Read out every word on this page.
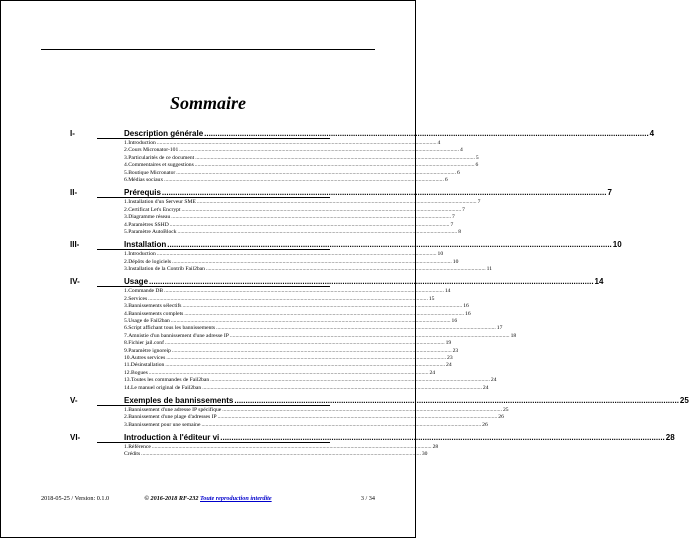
Sommaire
I-	Description générale ........................................................................................................................................................................................................ 4
1. Introduction ........................................................................................................................................................................................................ 4
2. Cours Micronator-101 ........................................................................................................................................................................................................ 4
3. Particularités de ce document ........................................................................................................................................................................................................ 5
4. Commentaires et suggestions ........................................................................................................................................................................................................ 6
5. Boutique Micronator ........................................................................................................................................................................................................ 6
6. Médias sociaux ........................................................................................................................................................................................................ 6
II-	Prérequis ........................................................................................................................................................................................................ 7
1. Installation d'un Serveur SME ........................................................................................................................................................................................................ 7
2. Certificat Let's Encrypt ........................................................................................................................................................................................................ 7
3. Diagramme réseau ........................................................................................................................................................................................................ 7
4. Paramètres SSHD ........................................................................................................................................................................................................ 7
5. Paramètre AutoBlock ........................................................................................................................................................................................................ 8
III-	Installation ........................................................................................................................................................................................................ 10
1. Introduction ........................................................................................................................................................................................................ 10
2. Dépôts de logiciels ........................................................................................................................................................................................................ 10
3. Installation de la Contrib Fail2ban ........................................................................................................................................................................................................ 11
IV-	Usage ........................................................................................................................................................................................................ 14
1. Commande DB ........................................................................................................................................................................................................ 14
2. Services ........................................................................................................................................................................................................ 15
3. Bannissements sélectifs ........................................................................................................................................................................................................ 16
4. Bannissements complets ........................................................................................................................................................................................................ 16
5. Usage de Fail2ban ........................................................................................................................................................................................................ 16
6. Script affichant tous les bannissements ........................................................................................................................................................................................................ 17
7. Amnistie d'un bannissement d'une adresse IP ........................................................................................................................................................................................................ 18
8. Fichier jail.conf ........................................................................................................................................................................................................ 19
9. Paramètre ignoreip ........................................................................................................................................................................................................ 23
10. Autres services ........................................................................................................................................................................................................ 23
11. Désinstallation ........................................................................................................................................................................................................ 24
12. Bogues ........................................................................................................................................................................................................ 24
13. Toutes les commandes de Fail2ban ........................................................................................................................................................................................................ 24
14. Le manuel original de Fail2ban ........................................................................................................................................................................................................ 24
V-	Exemples de bannissements ........................................................................................................................................................................................................ 25
1. Bannissement d'une adresse IP spécifique ........................................................................................................................................................................................................ 25
2. Bannissement d'une plage d'adresses IP ........................................................................................................................................................................................................ 26
3. Bannissement pour une semaine ........................................................................................................................................................................................................ 26
VI-	Introduction à l'éditeur vi ........................................................................................................................................................................................................ 28
1. Référence ........................................................................................................................................................................................................ 28
Crédits ........................................................................................................................................................................................................ 30
2018-05-25 / Version: 0.1.0	© 2016-2018 RF-232 Toute reproduction interdite	3 / 34
